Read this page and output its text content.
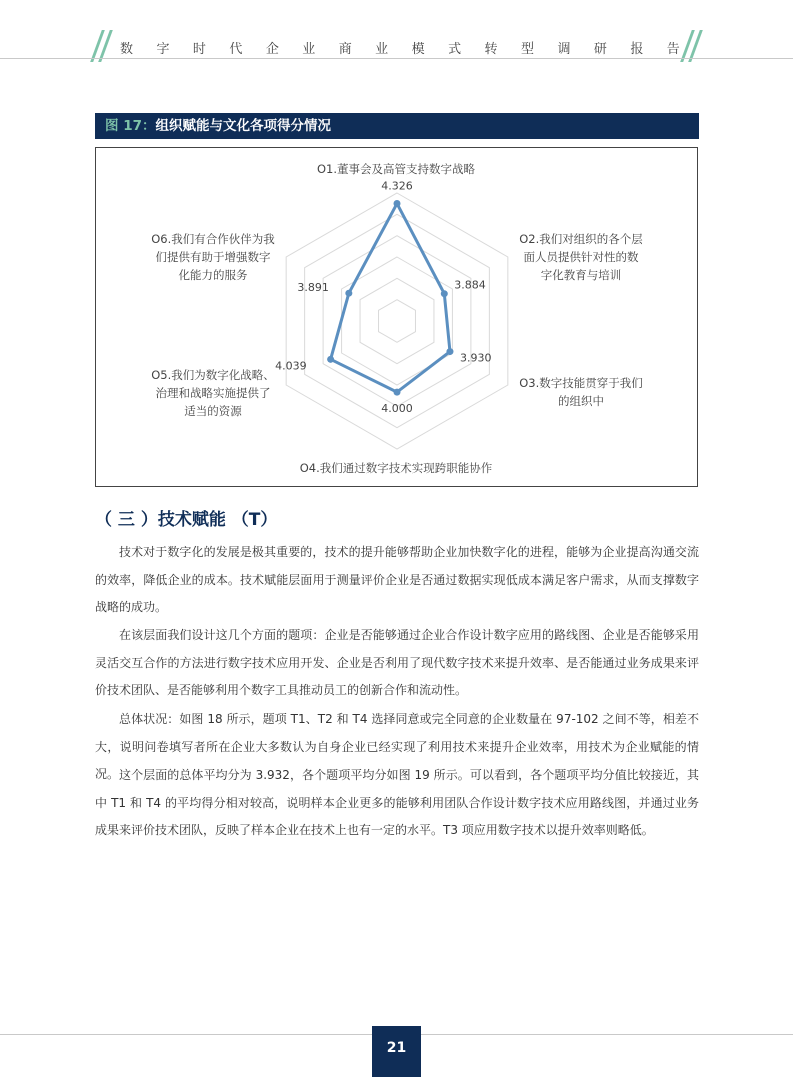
数 字 时 代 企 业 商 业 模 式 转 型 调 研 报 告
图 17：组织赋能与文化各项得分情况
4.326
3.884
3.930
4.000
4.039
3.891
O1.董事会及高管支持数字战略
O2.我们对组织的各个层
面人员提供针对性的数
字化教育与培训
O3.数字技能贯穿于我们
的组织中
O4.我们通过数字技术实现跨职能协作
O5.我们为数字化战略、
治理和战略实施提供了
适当的资源
O6.我们有合作伙伴为我
们提供有助于增强数字
化能力的服务
（ 三 ）技术赋能 （T）

技术对于数字化的发展是极其重要的，技术的提升能够帮助企业加快数字化的进程，能够为企业提高沟通交流的效率，降低企业的成本。技术赋能层面用于测量评价企业是否通过数据实现低成本满足客户需求，从而支撑数字战略的成功。

在该层面我们设计这几个方面的题项：企业是否能够通过企业合作设计数字应用的路线图、企业是否能够采用灵活交互合作的方法进行数字技术应用开发、企业是否利用了现代数字技术来提升效率、是否能通过业务成果来评价技术团队、是否能够利用个数字工具推动员工的创新合作和流动性。

总体状况：如图 18 所示，题项 T1、T2 和 T4 选择同意或完全同意的企业数量在 97-102 之间不等，相差不大，说明问卷填写者所在企业大多数认为自身企业已经实现了利用技术来提升企业效率，用技术为企业赋能的情况。 这个层面的总体平均分为 3.932，各个题项平均分如图 19 所示。可以看到，各个题项平均分值比较接近，其中 T1 和 T4 的平均得分相对较高，说明样本企业更多的能够利用团队合作设计数字技术应用路线图，并通过业务成果来评价技术团队，反映了样本企业在技术上也有一定的水平。T3 项应用数字技术以提升效率则略低。

21
